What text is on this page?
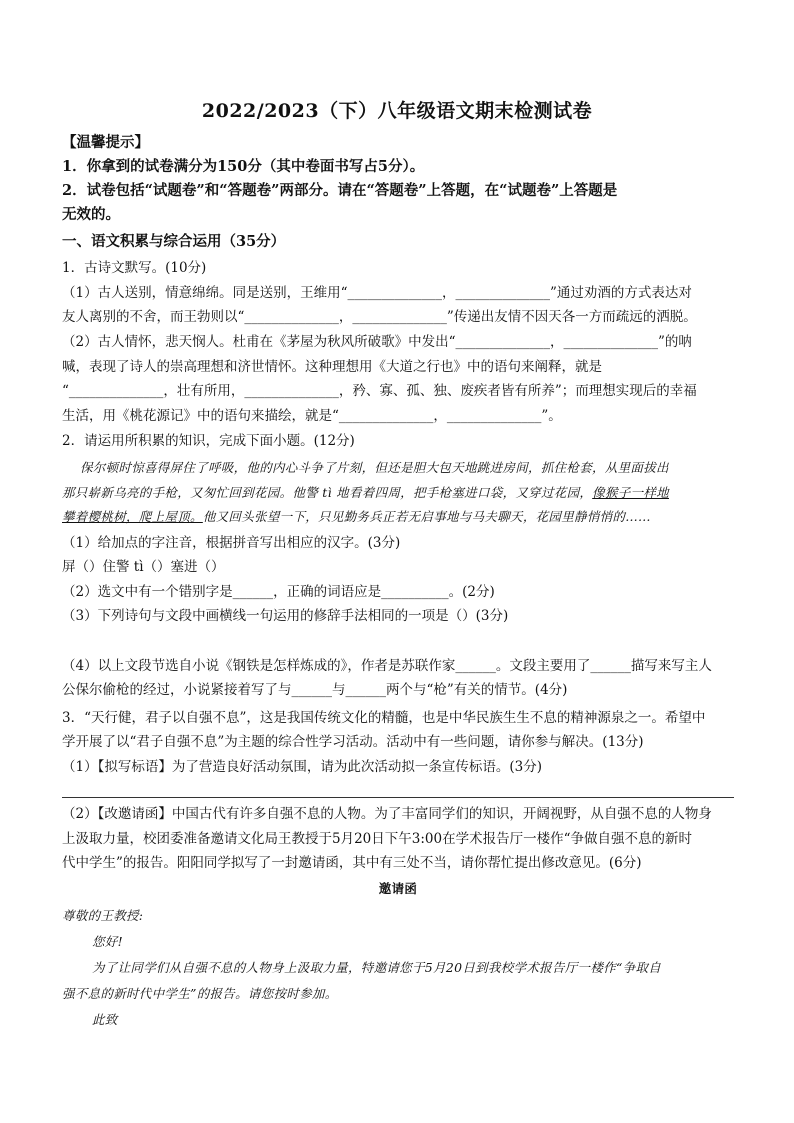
2022/2023（下）八年级语文期末检测试卷
【温馨提示】
1．你拿到的试卷满分为150分（其中卷面书写占5分）。
2．试卷包括“试题卷”和“答题卷”两部分。请在“答题卷”上答题，在“试题卷”上答题是
无效的。
一、语文积累与综合运用（35分）
1．古诗文默写。(10分)
（1）古人送别，情意绵绵。同是送别，王维用“______________，______________”通过劝酒的方式表达对
友人离别的不舍，而王勃则以“______________，______________”传递出友情不因天各一方而疏远的洒脱。
（2）古人情怀，悲天悯人。杜甫在《茅屋为秋风所破歌》中发出“______________，______________”的呐
喊，表现了诗人的崇高理想和济世情怀。这种理想用《大道之行也》中的语句来阐释，就是
“______________，壮有所用，______________，矜、寡、孤、独、废疾者皆有所养”；而理想实现后的幸福
生活，用《桃花源记》中的语句来描绘，就是“______________，______________”。
2．请运用所积累的知识，完成下面小题。(12分)
保尔顿时惊喜得屏住了呼吸，他的内心斗争了片刻，但还是胆大包天地跳进房间，抓住枪套，从里面拔出
那只崭新乌亮的手枪，又匆忙回到花园。他警 tì 地看着四周，把手枪塞进口袋，又穿过花园，像猴子一样地
攀着樱桃树，爬上屋顶。他又回头张望一下，只见勤务兵正若无启事地与马夫聊天，花园里静悄悄的……
（1）给加点的字注音，根据拼音写出相应的汉字。(3分)
屏（）住警 tì（）塞进（）
（2）选文中有一个错别字是______，正确的词语应是__________。(2分)
（3）下列诗句与文段中画横线一句运用的修辞手法相同的一项是（）(3分)
（4）以上文段节选自小说《钢铁是怎样炼成的》，作者是苏联作家______。文段主要用了______描写来写主人
公保尔偷枪的经过，小说紧接着写了与______与______两个与“枪”有关的情节。(4分)
3．“天行健，君子以自强不息”，这是我国传统文化的精髓，也是中华民族生生不息的精神源泉之一。希望中
学开展了以“君子自强不息”为主题的综合性学习活动。活动中有一些问题，请你参与解决。(13分)
（1）【拟写标语】为了营造良好活动氛围，请为此次活动拟一条宣传标语。(3分)
（2）【改邀请函】中国古代有许多自强不息的人物。为了丰富同学们的知识，开阔视野，从自强不息的人物身
上汲取力量，校团委准备邀请文化局王教授于5月20日下午3:00在学术报告厅一楼作“争做自强不息的新时
代中学生”的报告。阳阳同学拟写了一封邀请函，其中有三处不当，请你帮忙提出修改意见。(6分)
邀请函
尊敬的王教授:
您好!
为了让同学们从自强不息的人物身上汲取力量，特邀请您于5月20日到我校学术报告厅一楼作“争取自
强不息的新时代中学生”的报告。请您按时参加。
此致
